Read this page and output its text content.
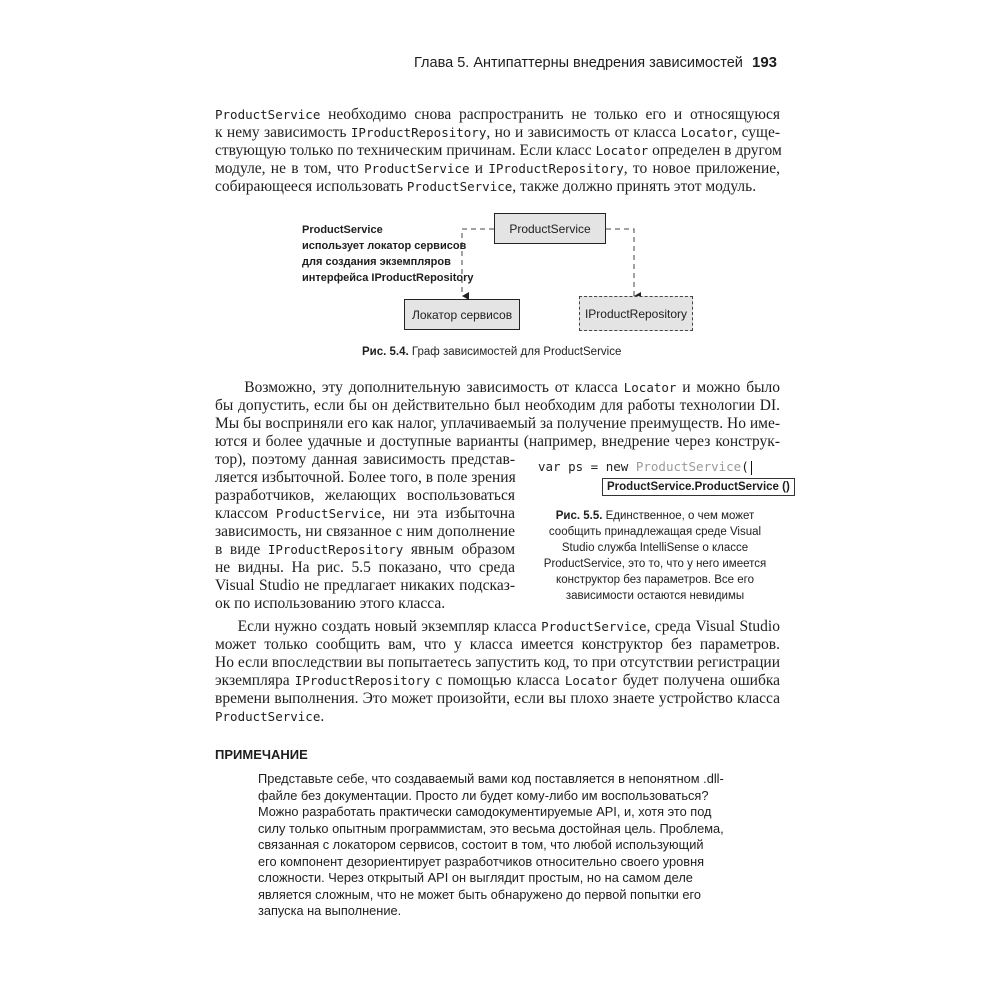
Глава 5. Антипаттерны внедрения зависимостей 193
ProductService необходимо снова распространить не только его и относящуюся
к нему зависимость IProductRepository, но и зависимость от класса Locator, суще-
ствующую только по техническим причинам. Если класс Locator определен в другом
модуле, не в том, что ProductService и IProductRepository, то новое приложение,
собирающееся использовать ProductService, также должно принять этот модуль.
ProductService
использует локатор сервисов
для создания экземпляров
интерфейса IProductRepository
ProductService
Локатор сервисов	IProductRepository
Рис. 5.4. Граф зависимостей для ProductService
Возможно, эту дополнительную зависимость от класса Locator и можно было
бы допустить, если бы он действительно был необходим для работы технологии DI.
Мы бы восприняли его как налог, уплачиваемый за получение преимуществ. Но име-
ются и более удачные и доступные варианты (например, внедрение через конструк-
тор), поэтому данная зависимость представ-
ляется избыточной. Более того, в поле зрения
разработчиков, желающих воспользоваться
классом ProductService, ни эта избыточна
зависимость, ни связанное с ним дополнение
в виде IProductRepository явным образом
не видны. На рис. 5.5 показано, что среда
Visual Studio не предлагает никаких подсказ-
ок по использованию этого класса.
var ps = new ProductService(
ProductService.ProductService ()
Рис. 5.5. Единственное, о чем может
сообщить принадлежащая среде Visual
Studio служба IntelliSense о классе
ProductService, это то, что у него имеется
конструктор без параметров. Все его
зависимости остаются невидимы
Если нужно создать новый экземпляр класса ProductService, среда Visual Studio
может только сообщить вам, что у класса имеется конструктор без параметров.
Но если впоследствии вы попытаетесь запустить код, то при отсутствии регистрации
экземпляра IProductRepository с помощью класса Locator будет получена ошибка
времени выполнения. Это может произойти, если вы плохо знаете устройство класса
ProductService.
ПРИМЕЧАНИЕ
Представьте себе, что создаваемый вами код поставляется в непонятном .dll-
файле без документации. Просто ли будет кому-либо им воспользоваться?
Можно разработать практически самодокументируемые API, и, хотя это под
силу только опытным программистам, это весьма достойная цель. Проблема,
связанная с локатором сервисов, состоит в том, что любой использующий
его компонент дезориентирует разработчиков относительно своего уровня
сложности. Через открытый API он выглядит простым, но на самом деле
является сложным, что не может быть обнаружено до первой попытки его
запуска на выполнение.
